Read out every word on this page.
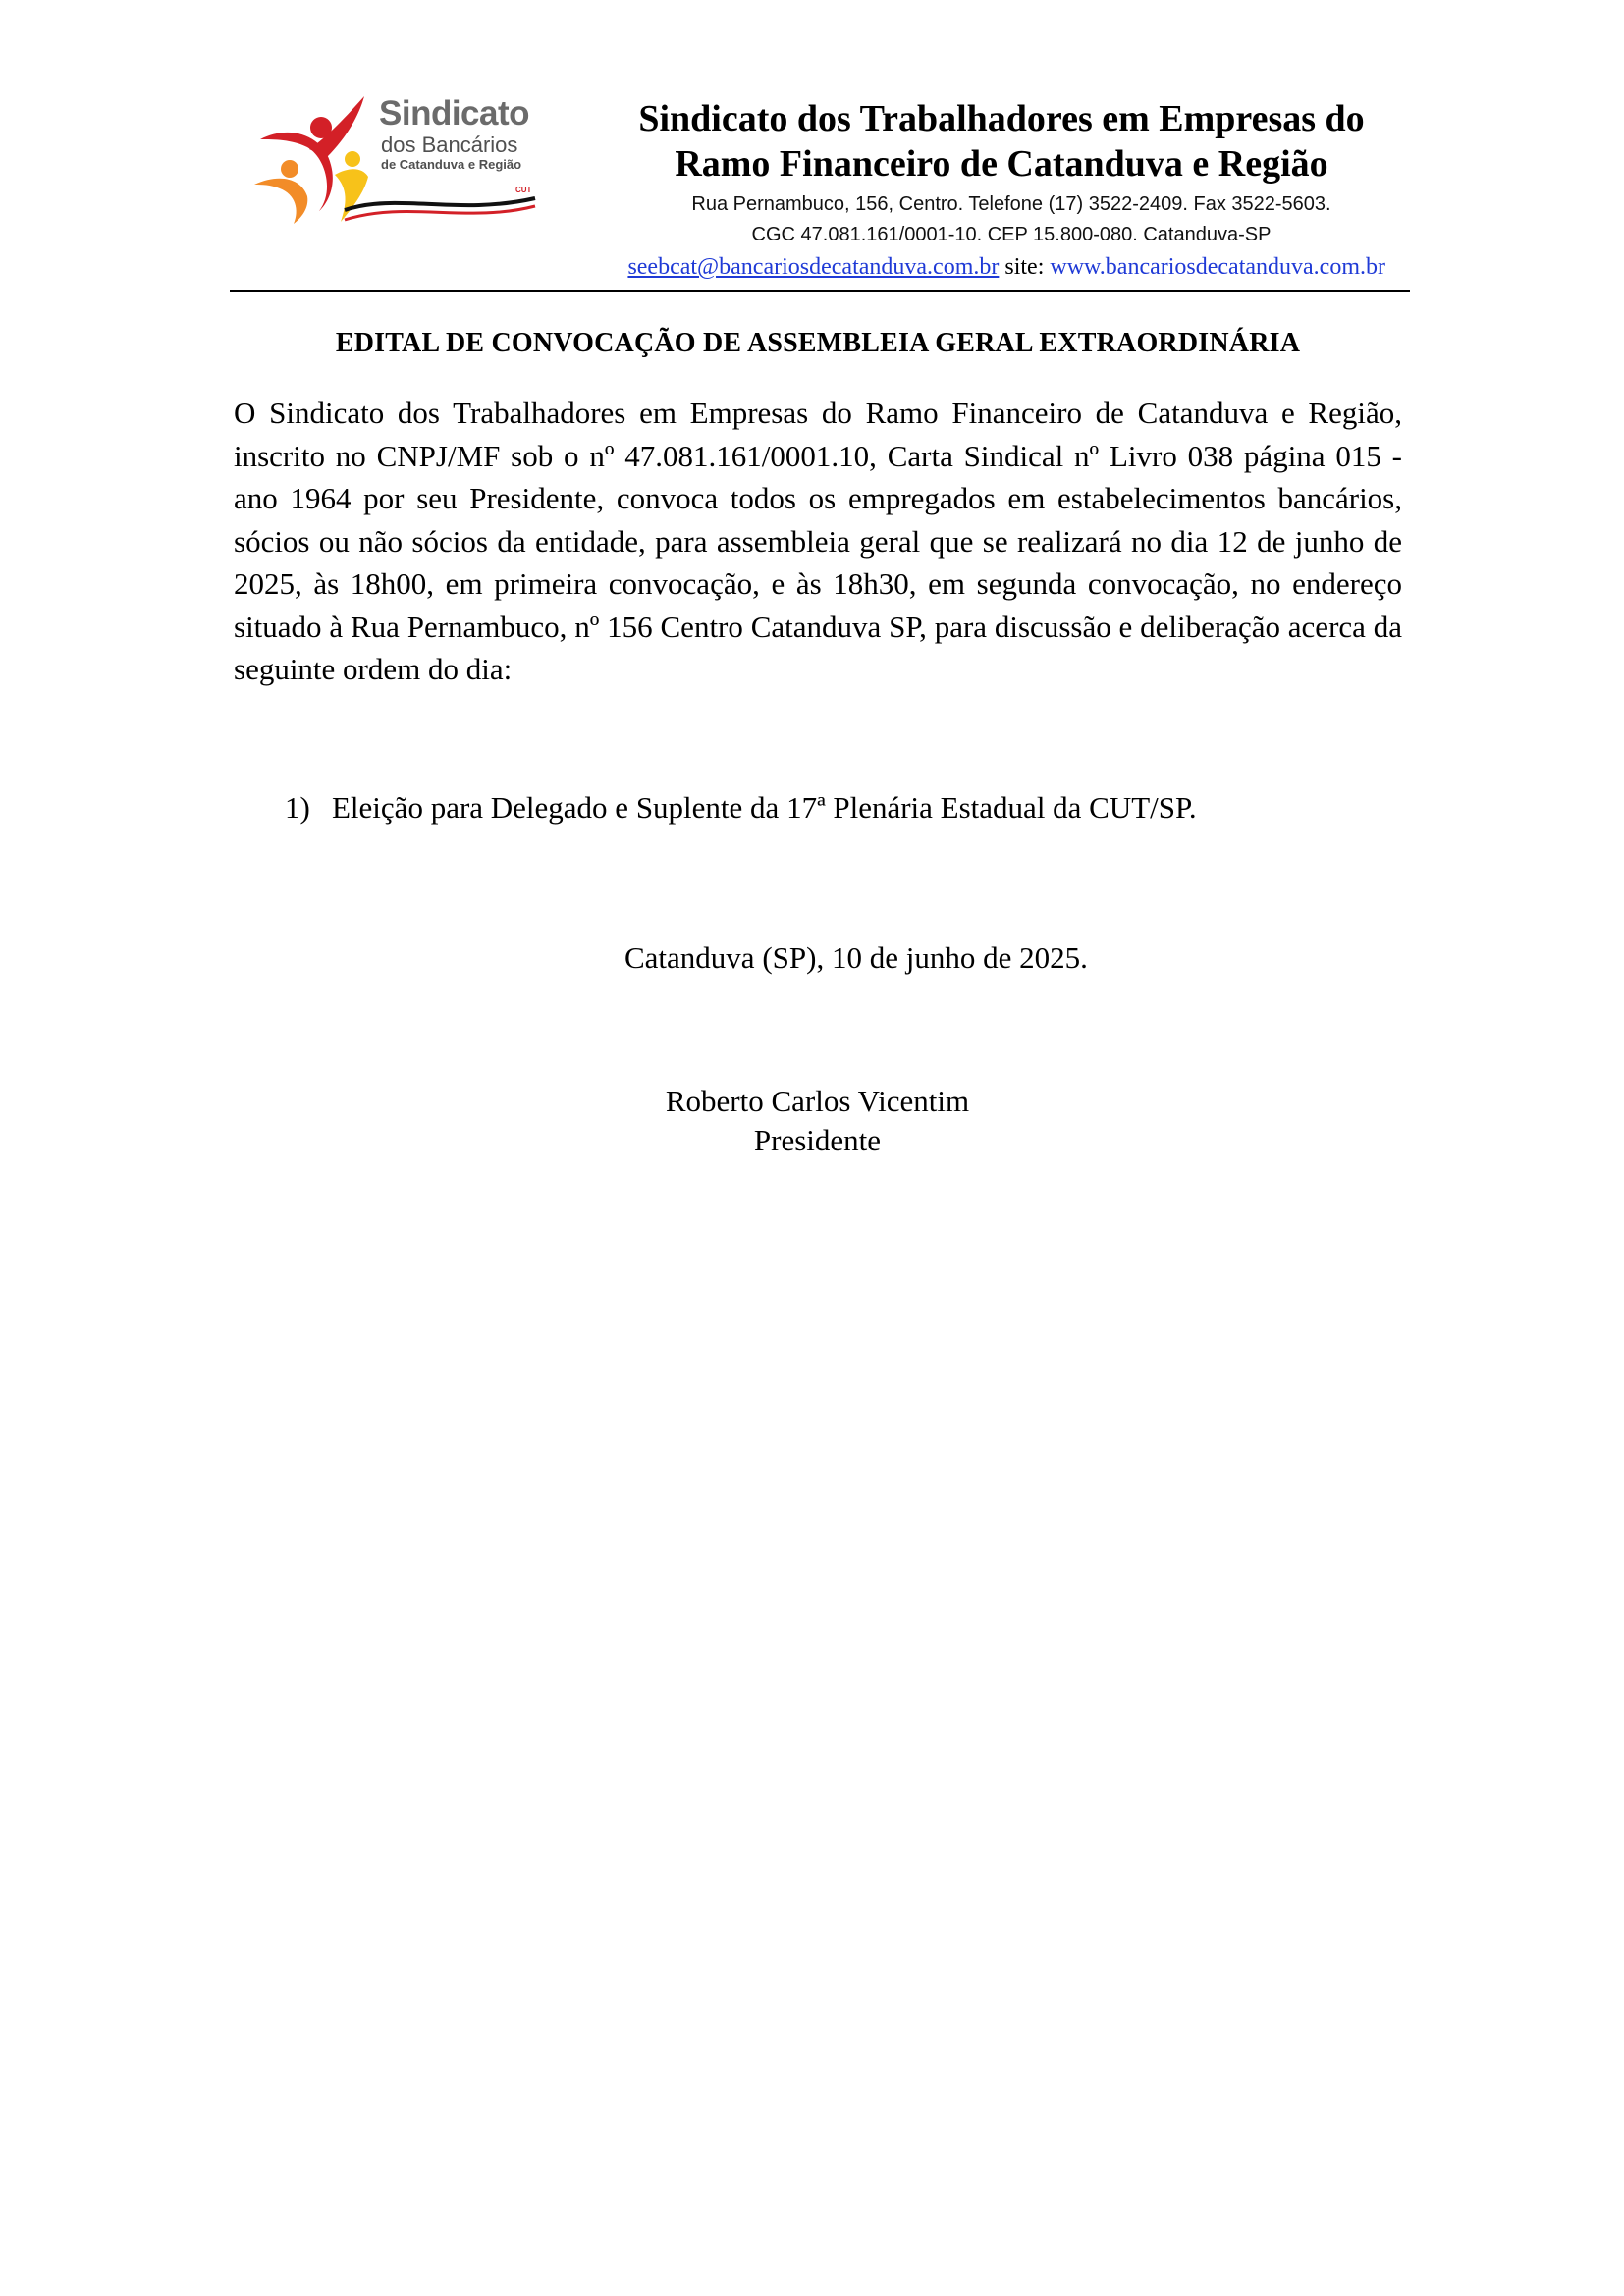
Sindicato
dos Bancários
de Catanduva e Região
CUT
Sindicato dos Trabalhadores em Empresas do
Ramo Financeiro de Catanduva e Região
Rua Pernambuco, 156, Centro. Telefone (17) 3522-2409. Fax 3522-5603.
CGC 47.081.161/0001-10. CEP 15.800-080. Catanduva-SP
seebcat@bancariosdecatanduva.com.br site: www.bancariosdecatanduva.com.br
EDITAL DE CONVOCAÇÃO DE ASSEMBLEIA GERAL EXTRAORDINÁRIA
O Sindicato dos Trabalhadores em Empresas do Ramo Financeiro de Catanduva e Região, inscrito no CNPJ/MF sob o nº 47.081.161/0001.10, Carta Sindical nº Livro 038 página 015 - ano 1964 por seu Presidente, convoca todos os empregados em estabelecimentos bancários, sócios ou não sócios da entidade, para assembleia geral que se realizará no dia 12 de junho de 2025, às 18h00, em primeira convocação, e às 18h30, em segunda convocação, no endereço situado à Rua Pernambuco, nº 156 Centro Catanduva SP, para discussão e deliberação acerca da seguinte ordem do dia:
1) Eleição para Delegado e Suplente da 17ª Plenária Estadual da CUT/SP.
Catanduva (SP), 10 de junho de 2025.
Roberto Carlos Vicentim
Presidente
